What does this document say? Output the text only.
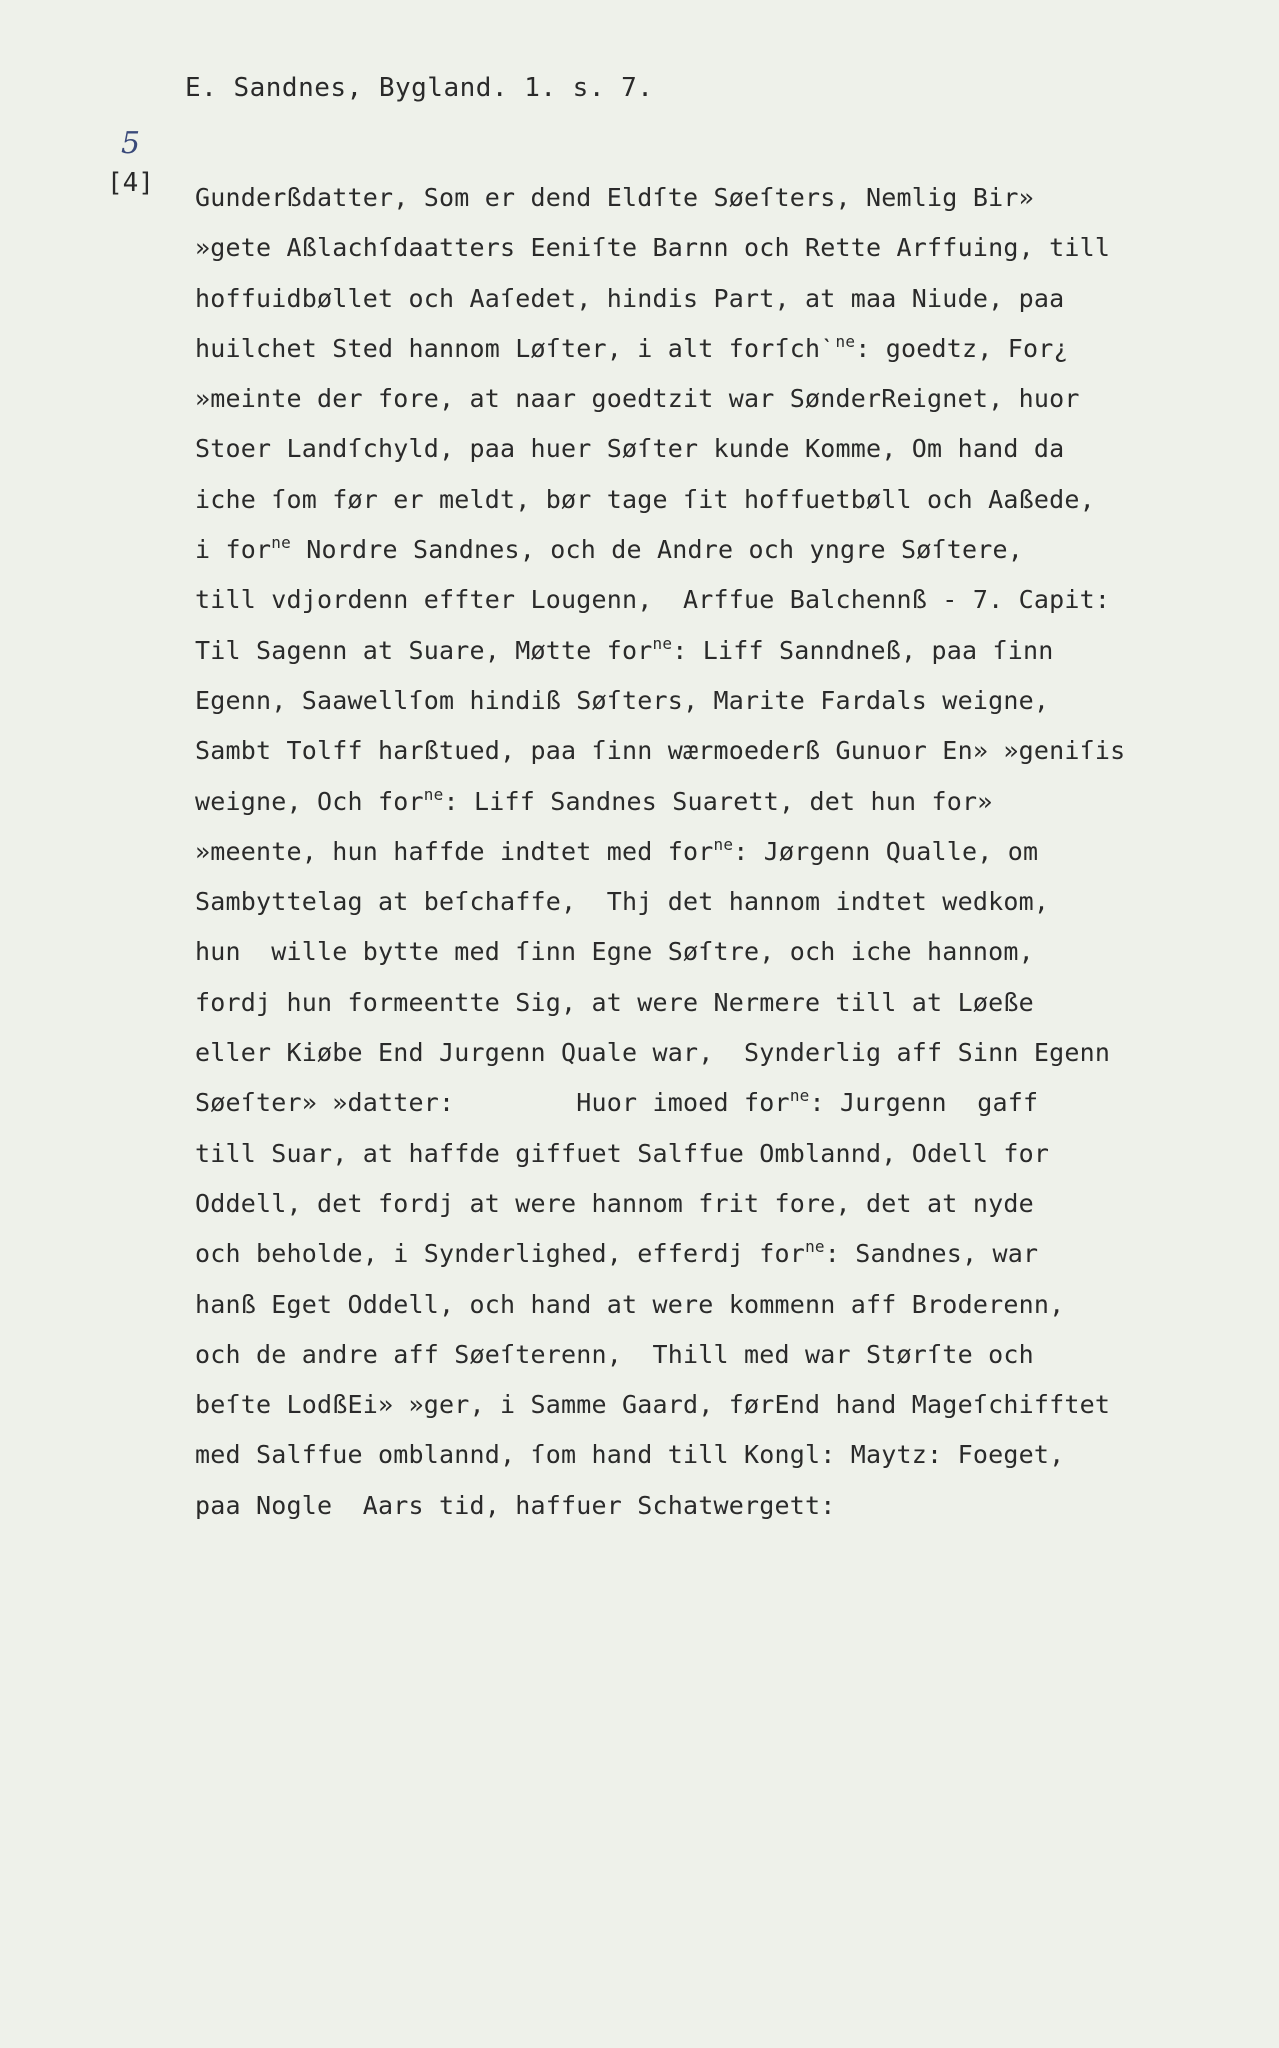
E. Sandnes, Bygland. 1. s. 7.
5
[4] Gunderßdatter, Som er dend Eldſte Søeſters, Nemlig Bir»
»gete Aßlachſdaatters Eeniſte Barnn och Rette Arffuing, till
hoffuidbøllet och Aaſedet, hindis Part, at maa Niude, paa
huilchet Sted hannom Løſter, i alt forſchˋ$^{ne}$: goedtz, For¿
»meinte der fore, at naar goedtzit war SønderReignet, huor
Stoer Landſchyld, paa huer Søſter kunde Komme, Om hand da
iche ſom før er meldt, bør tage ſit hoffuetbøll och Aaßede,
i for$^{ne}$ Nordre Sandnes, och de Andre och yngre Søſtere,
till vdjordenn effter Lougenn,  Arffue Balchennß - 7. Capit:
Til Sagenn at Suare, Møtte for$^{ne}$: Liff Sanndneß, paa ſinn
Egenn, Saawellſom hindiß Søſters, Marite Fardals weigne,
Sambt Tolff harßtued, paa ſinn wærmoederß Gunuor En» »geniſis
weigne, Och for$^{ne}$: Liff Sandnes Suarett, det hun for»
»meente, hun haffde indtet med for$^{ne}$: Jørgenn Qualle, om
Sambyttelag at beſchaffe,  Thj det hannom indtet wedkom,
hun  wille bytte med ſinn Egne Søſtre, och iche hannom,
fordj hun formeentte Sig, at were Nermere till at Løeße
eller Kiøbe End Jurgenn Quale war,  Synderlig aff Sinn Egenn
Søeſter» »datter:        Huor imoed for$^{ne}$: Jurgenn  gaff
till Suar, at haffde giffuet Salffue Omblannd, Odell for
Oddell, det fordj at were hannom frit fore, det at nyde
och beholde, i Synderlighed, efferdj for$^{ne}$: Sandnes, war
hanß Eget Oddell, och hand at were kommenn aff Broderenn,
och de andre aff Søeſterenn,  Thill med war Størſte och
beſte LodßEi» »ger, i Samme Gaard, førEnd hand Mageſchifftet
med Salffue omblannd, ſom hand till Kongl: Maytz: Foeget,
paa Nogle  Aars tid, haffuer Schatwergett:
